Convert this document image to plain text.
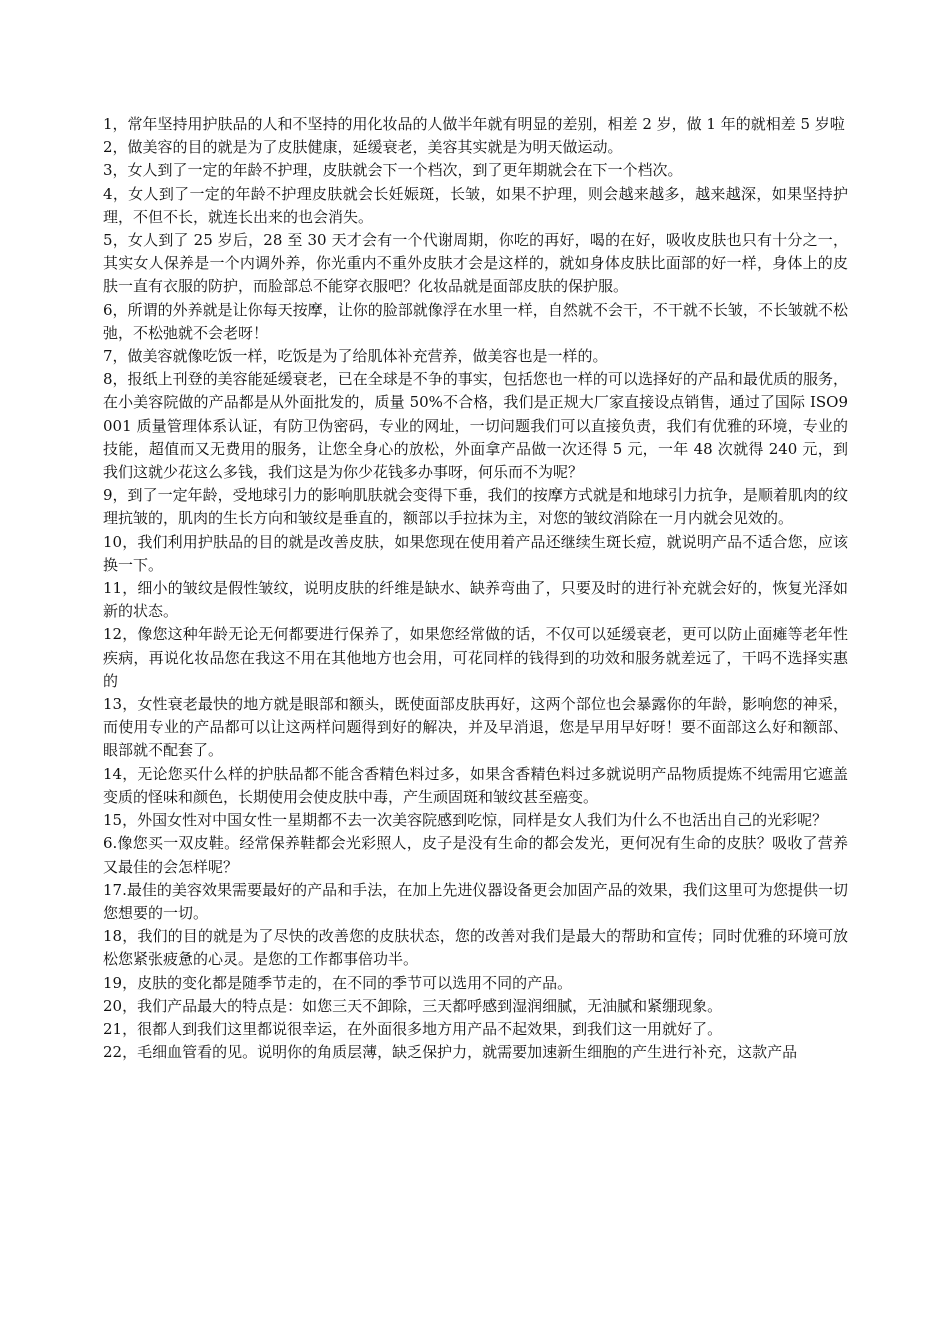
1，常年坚持用护肤品的人和不坚持的用化妆品的人做半年就有明显的差别，相差 2 岁，做 1 年的就相差 5 岁啦

2，做美容的目的就是为了皮肤健康，延缓衰老，美容其实就是为明天做运动。

3，女人到了一定的年龄不护理，皮肤就会下一个档次，到了更年期就会在下一个档次。

4，女人到了一定的年龄不护理皮肤就会长妊娠斑，长皱，如果不护理，则会越来越多，越来越深，如果坚持护理，不但不长，就连长出来的也会消失。

5，女人到了 25 岁后，28 至 30 天才会有一个代谢周期，你吃的再好，喝的在好，吸收皮肤也只有十分之一，其实女人保养是一个内调外养，你光重内不重外皮肤才会是这样的，就如身体皮肤比面部的好一样，身体上的皮肤一直有衣服的防护，而脸部总不能穿衣服吧？化妆品就是面部皮肤的保护服。

6，所谓的外养就是让你每天按摩，让你的脸部就像浮在水里一样，自然就不会干，不干就不长皱，不长皱就不松弛，不松弛就不会老呀！

7，做美容就像吃饭一样，吃饭是为了给肌体补充营养，做美容也是一样的。

8，报纸上刊登的美容能延缓衰老，已在全球是不争的事实，包括您也一样的可以选择好的产品和最优质的服务，在小美容院做的产品都是从外面批发的，质量 50%不合格，我们是正规大厂家直接设点销售，通过了国际 ISO9001 质量管理体系认证，有防卫伪密码，专业的网址，一切问题我们可以直接负责，我们有优雅的环境，专业的技能，超值而又无费用的服务，让您全身心的放松，外面拿产品做一次还得 5 元，一年 48 次就得 240 元，到我们这就少花这么多钱，我们这是为你少花钱多办事呀，何乐而不为呢？

9，到了一定年龄，受地球引力的影响肌肤就会变得下垂，我们的按摩方式就是和地球引力抗争，是顺着肌肉的纹理抗皱的，肌肉的生长方向和皱纹是垂直的，额部以手拉抹为主，对您的皱纹消除在一月内就会见效的。

10，我们利用护肤品的目的就是改善皮肤，如果您现在使用着产品还继续生斑长痘，就说明产品不适合您，应该换一下。

11，细小的皱纹是假性皱纹，说明皮肤的纤维是缺水、缺养弯曲了，只要及时的进行补充就会好的，恢复光泽如新的状态。

12，像您这种年龄无论无何都要进行保养了，如果您经常做的话，不仅可以延缓衰老，更可以防止面瘫等老年性疾病，再说化妆品您在我这不用在其他地方也会用，可花同样的钱得到的功效和服务就差远了，干吗不选择实惠的

13，女性衰老最快的地方就是眼部和额头，既使面部皮肤再好，这两个部位也会暴露你的年龄，影响您的神采，而使用专业的产品都可以让这两样问题得到好的解决，并及早消退，您是早用早好呀！要不面部这么好和额部、眼部就不配套了。

14，无论您买什么样的护肤品都不能含香精色料过多，如果含香精色料过多就说明产品物质提炼不纯需用它遮盖变质的怪味和颜色，长期使用会使皮肤中毒，产生顽固斑和皱纹甚至癌变。

15，外国女性对中国女性一星期都不去一次美容院感到吃惊，同样是女人我们为什么不也活出自己的光彩呢？

6.像您买一双皮鞋。经常保养鞋都会光彩照人，皮子是没有生命的都会发光，更何况有生命的皮肤？吸收了营养又最佳的会怎样呢？

17.最佳的美容效果需要最好的产品和手法，在加上先进仪器设备更会加固产品的效果，我们这里可为您提供一切您想要的一切。

18，我们的目的就是为了尽快的改善您的皮肤状态，您的改善对我们是最大的帮助和宣传；同时优雅的环境可放松您紧张疲惫的心灵。是您的工作都事倍功半。

19，皮肤的变化都是随季节走的，在不同的季节可以选用不同的产品。

20，我们产品最大的特点是：如您三天不卸除，三天都呼感到湿润细腻，无油腻和紧绷现象。

21，很都人到我们这里都说很幸运，在外面很多地方用产品不起效果，到我们这一用就好了。

22，毛细血管看的见。说明你的角质层薄，缺乏保护力，就需要加速新生细胞的产生进行补充，这款产品
